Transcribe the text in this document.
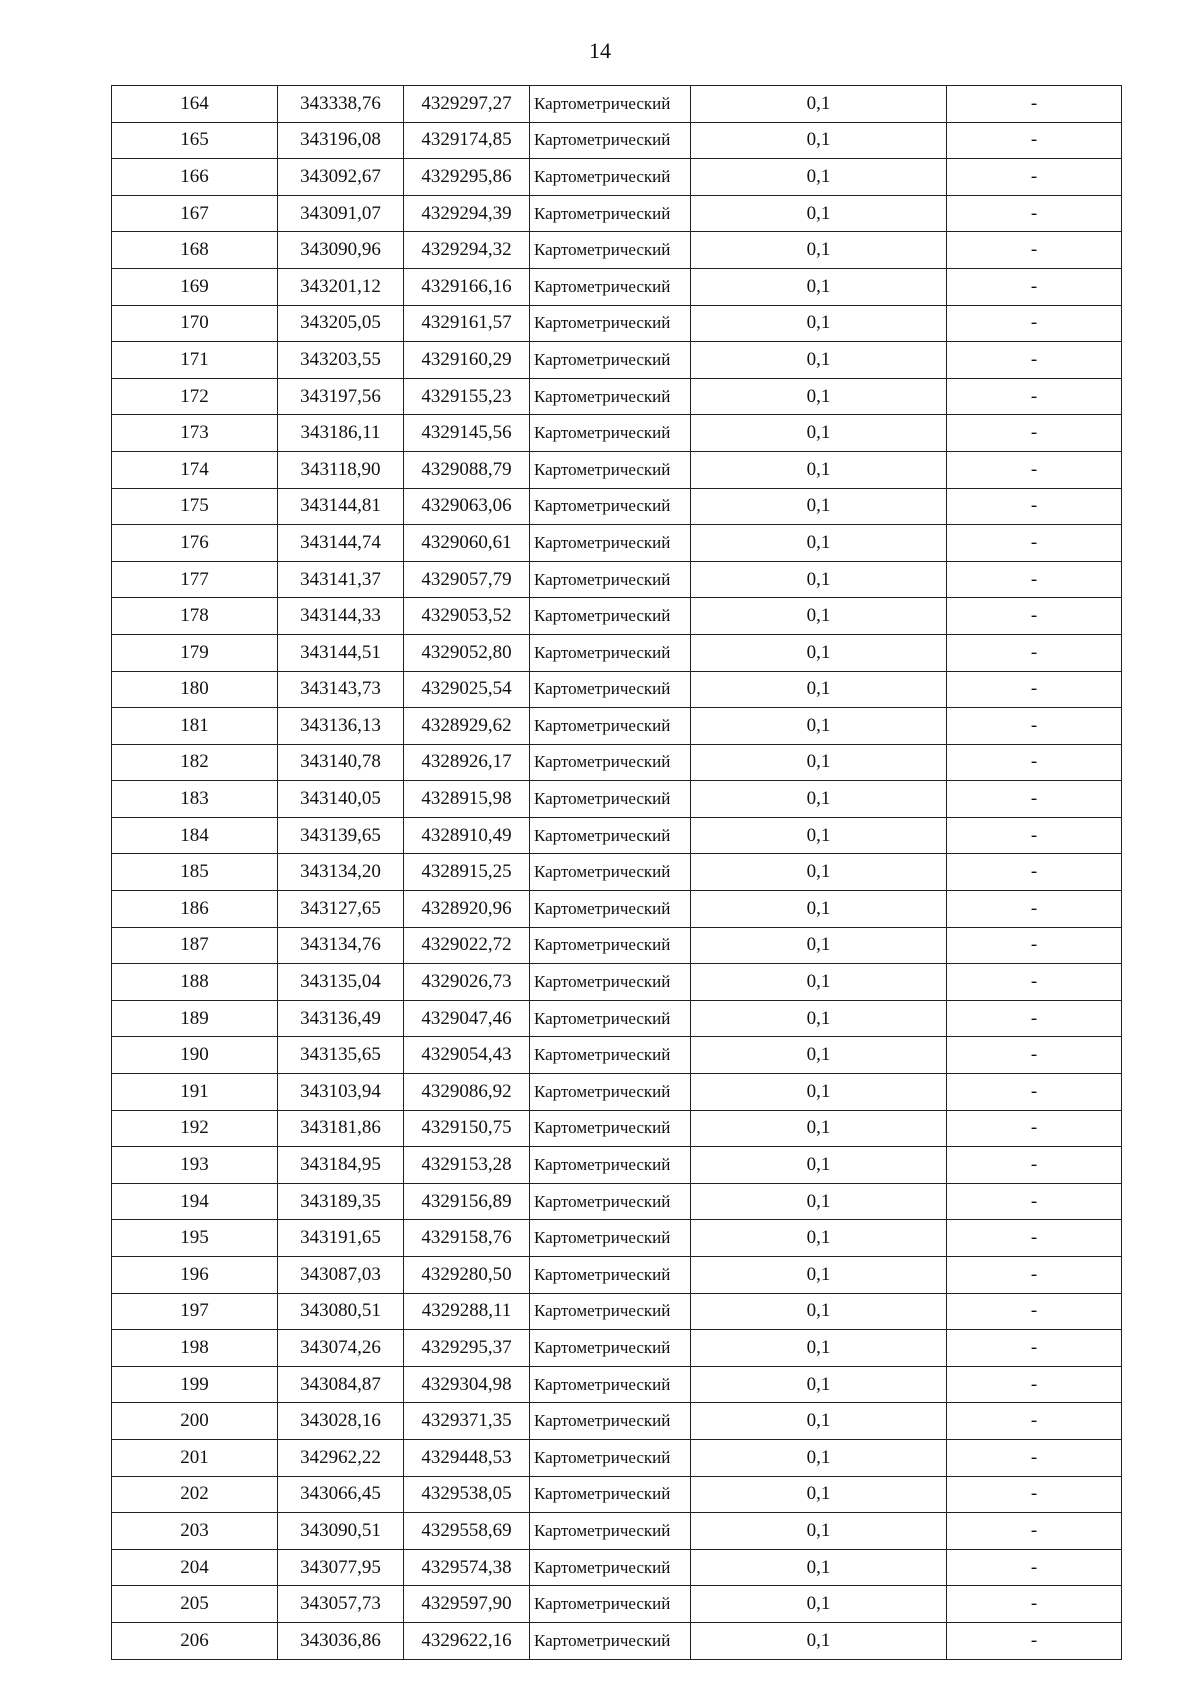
14
164	343338,76	4329297,27	Картометрический	0,1	-
165	343196,08	4329174,85	Картометрический	0,1	-
166	343092,67	4329295,86	Картометрический	0,1	-
167	343091,07	4329294,39	Картометрический	0,1	-
168	343090,96	4329294,32	Картометрический	0,1	-
169	343201,12	4329166,16	Картометрический	0,1	-
170	343205,05	4329161,57	Картометрический	0,1	-
171	343203,55	4329160,29	Картометрический	0,1	-
172	343197,56	4329155,23	Картометрический	0,1	-
173	343186,11	4329145,56	Картометрический	0,1	-
174	343118,90	4329088,79	Картометрический	0,1	-
175	343144,81	4329063,06	Картометрический	0,1	-
176	343144,74	4329060,61	Картометрический	0,1	-
177	343141,37	4329057,79	Картометрический	0,1	-
178	343144,33	4329053,52	Картометрический	0,1	-
179	343144,51	4329052,80	Картометрический	0,1	-
180	343143,73	4329025,54	Картометрический	0,1	-
181	343136,13	4328929,62	Картометрический	0,1	-
182	343140,78	4328926,17	Картометрический	0,1	-
183	343140,05	4328915,98	Картометрический	0,1	-
184	343139,65	4328910,49	Картометрический	0,1	-
185	343134,20	4328915,25	Картометрический	0,1	-
186	343127,65	4328920,96	Картометрический	0,1	-
187	343134,76	4329022,72	Картометрический	0,1	-
188	343135,04	4329026,73	Картометрический	0,1	-
189	343136,49	4329047,46	Картометрический	0,1	-
190	343135,65	4329054,43	Картометрический	0,1	-
191	343103,94	4329086,92	Картометрический	0,1	-
192	343181,86	4329150,75	Картометрический	0,1	-
193	343184,95	4329153,28	Картометрический	0,1	-
194	343189,35	4329156,89	Картометрический	0,1	-
195	343191,65	4329158,76	Картометрический	0,1	-
196	343087,03	4329280,50	Картометрический	0,1	-
197	343080,51	4329288,11	Картометрический	0,1	-
198	343074,26	4329295,37	Картометрический	0,1	-
199	343084,87	4329304,98	Картометрический	0,1	-
200	343028,16	4329371,35	Картометрический	0,1	-
201	342962,22	4329448,53	Картометрический	0,1	-
202	343066,45	4329538,05	Картометрический	0,1	-
203	343090,51	4329558,69	Картометрический	0,1	-
204	343077,95	4329574,38	Картометрический	0,1	-
205	343057,73	4329597,90	Картометрический	0,1	-
206	343036,86	4329622,16	Картометрический	0,1	-
